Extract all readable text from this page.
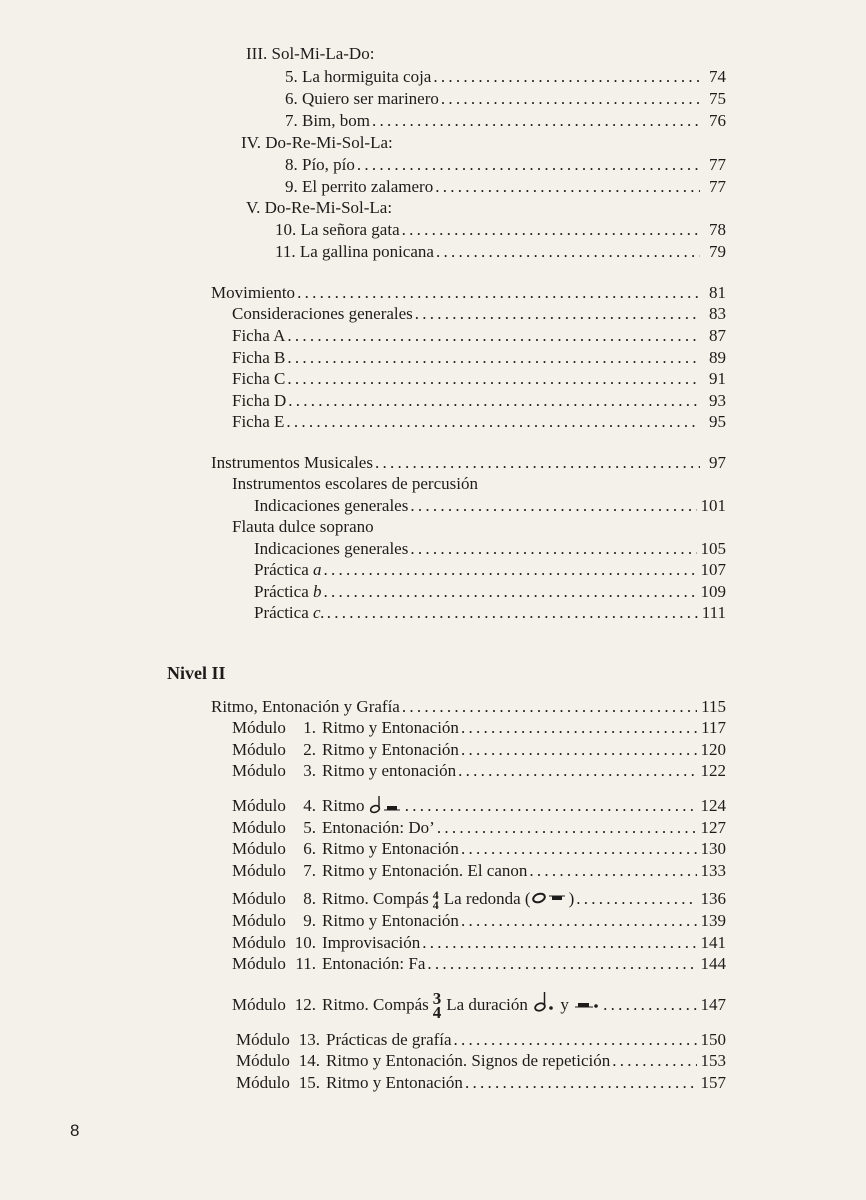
III. Sol-Mi-La-Do:
5. La hormiguita coja . . .	74
6. Quiero ser marinero . . .	75
7. Bim, bom . . .	76
IV. Do-Re-Mi-Sol-La:
8. Pío, pío . . .	77
9. El perrito zalamero . . .	77
V. Do-Re-Mi-Sol-La:
10. La señora gata . . .	78
11. La gallina ponicana . . .	79
Movimiento . . .	81
Consideraciones generales . . .	83
Ficha A . . .	87
Ficha B . . .	89
Ficha C . . .	91
Ficha D . . .	93
Ficha E . . .	95
Instrumentos Musicales . . .	97
Instrumentos escolares de percusión
Indicaciones generales . . .	101
Flauta dulce soprano
Indicaciones generales . . .	105
Práctica a . . .	107
Práctica b . . .	109
Práctica c. . . .	111
Nivel II
Ritmo, Entonación y Grafía . . .	115
Módulo 1. Ritmo y Entonación . . .	117
Módulo 2. Ritmo y Entonación . . .	120
Módulo 3. Ritmo y entonación . . .	122
Módulo 4. Ritmo . . .	124
Módulo 5. Entonación: Do’ . . .	127
Módulo 6. Ritmo y Entonación . . .	130
Módulo 7. Ritmo y Entonación. El canon . . .	133
Módulo 8. Ritmo. Compás 4
4 La redonda ( ) . . .	136
Módulo 9. Ritmo y Entonación . . .	139
Módulo 10. Improvisación . . .	141
Módulo 11. Entonación: Fa . . .	144
Módulo 12. Ritmo. Compás 3
4 La duración y . . .	147
Módulo 13. Prácticas de grafía . . .	150
Módulo 14. Ritmo y Entonación. Signos de repetición . . .	153
Módulo 15. Ritmo y Entonación . . .	157
8
